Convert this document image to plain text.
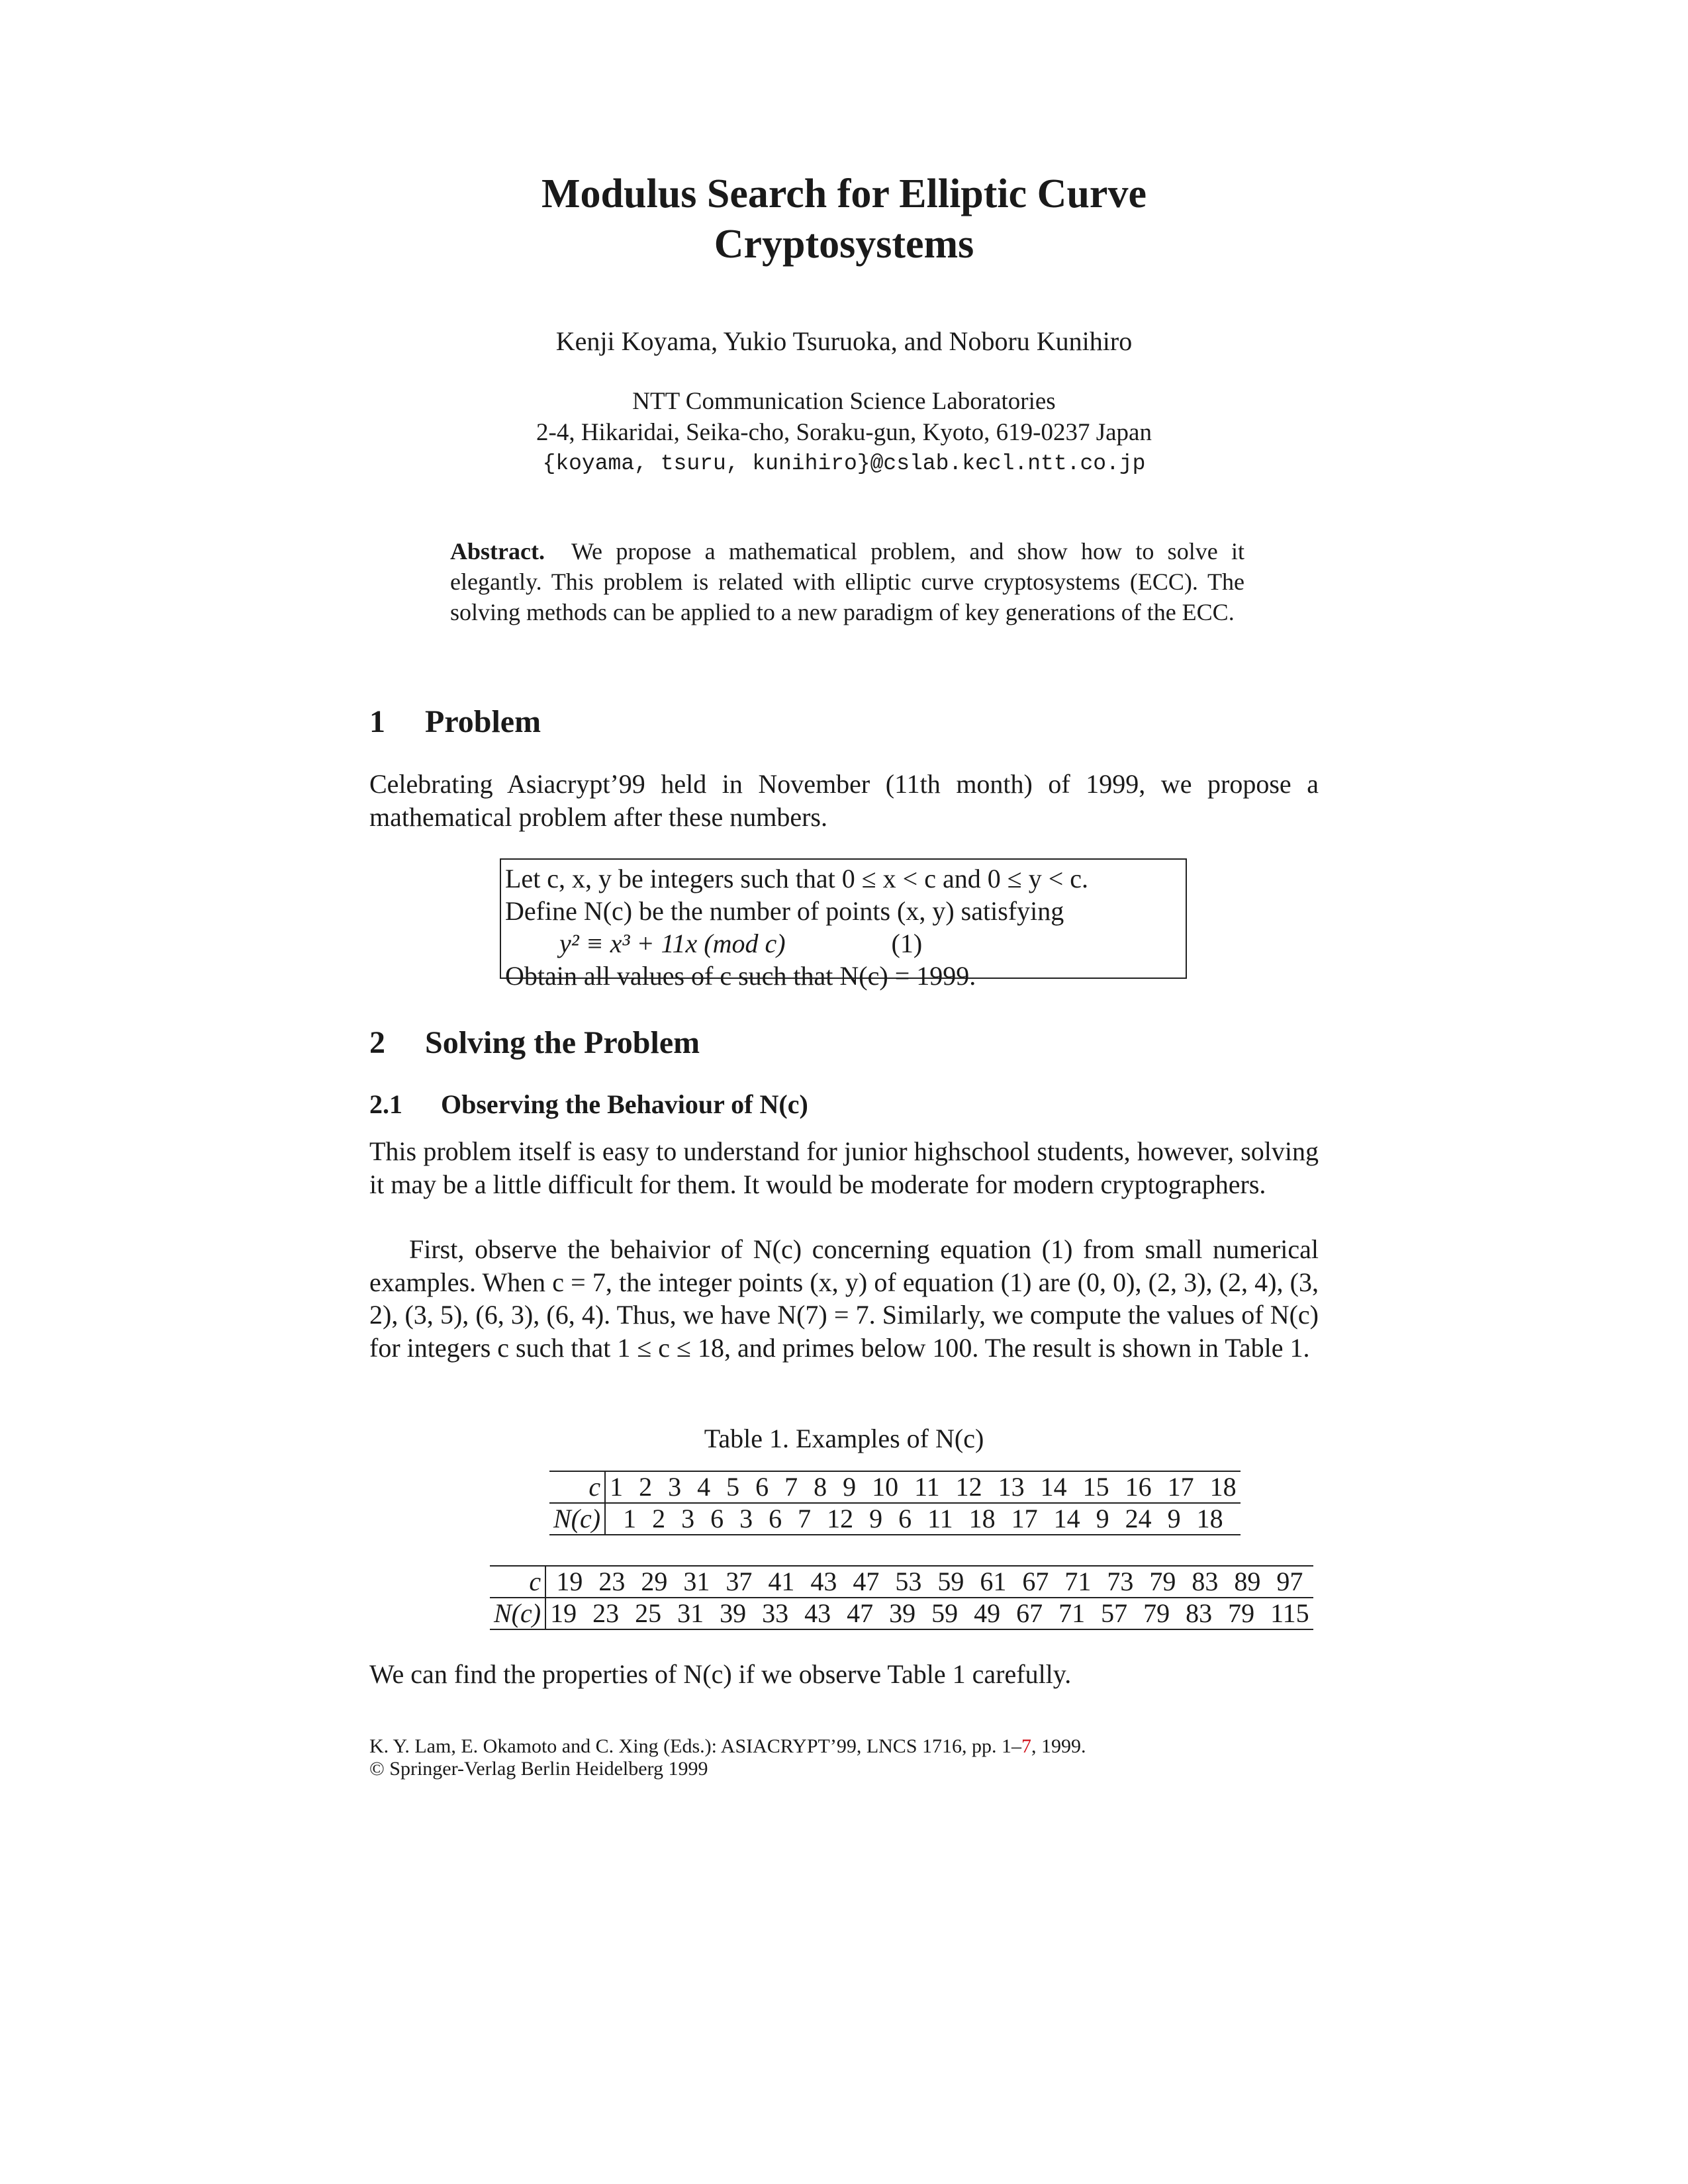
Modulus Search for Elliptic Curve
Cryptosystems
Kenji Koyama, Yukio Tsuruoka, and Noboru Kunihiro
NTT Communication Science Laboratories
2-4, Hikaridai, Seika-cho, Soraku-gun, Kyoto, 619-0237 Japan
{koyama, tsuru, kunihiro}@cslab.kecl.ntt.co.jp
Abstract. We propose a mathematical problem, and show how to solve it elegantly. This problem is related with elliptic curve cryptosystems (ECC). The solving methods can be applied to a new paradigm of key generations of the ECC.
1 Problem
Celebrating Asiacrypt’99 held in November (11th month) of 1999, we propose a mathematical problem after these numbers.
Let c, x, y be integers such that 0 ≤ x < c and 0 ≤ y < c.
Define N(c) be the number of points (x, y) satisfying
y² ≡ x³ + 11x (mod c)	(1)
Obtain all values of c such that N(c) = 1999.
2 Solving the Problem
2.1 Observing the Behaviour of N(c)
This problem itself is easy to understand for junior highschool students, however, solving it may be a little difficult for them. It would be moderate for modern cryptographers.
First, observe the behaivior of N(c) concerning equation (1) from small numerical examples. When c = 7, the integer points (x, y) of equation (1) are (0, 0), (2, 3), (2, 4), (3, 2), (3, 5), (6, 3), (6, 4). Thus, we have N(7) = 7. Similarly, we compute the values of N(c) for integers c such that 1 ≤ c ≤ 18, and primes below 100. The result is shown in Table 1.
Table 1. Examples of N(c)
c	1 2 3 4 5 6 7 8 9 10 11 12 13 14 15 16 17 18
N(c)	1 2 3 6 3 6 7 12 9 6 11 18 17 14 9 24 9 18
c	19 23 29 31 37 41 43 47 53 59 61 67 71 73 79 83 89 97
N(c)	19 23 25 31 39 33 43 47 39 59 49 67 71 57 79 83 79 115
We can find the properties of N(c) if we observe Table 1 carefully.
K. Y. Lam, E. Okamoto and C. Xing (Eds.): ASIACRYPT’99, LNCS 1716, pp. 1–7, 1999.
© Springer-Verlag Berlin Heidelberg 1999
